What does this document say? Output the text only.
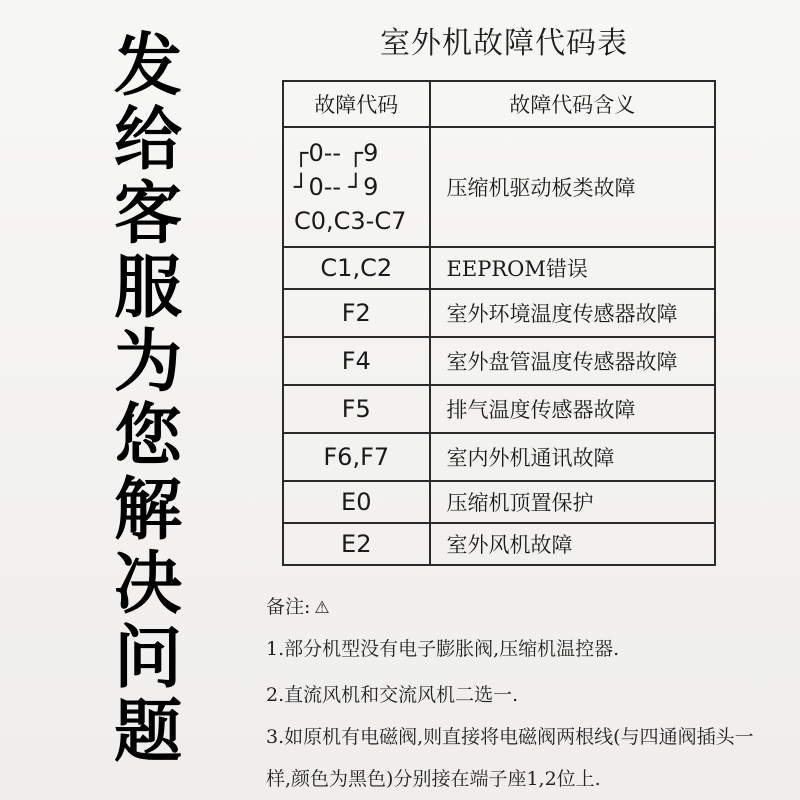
发
给
客
服
为
您
解
决
问
题
室外机故障代码表
故障代码	故障代码含义

┌0-- ┌9
┘0-- ┘9
C0,C3-C7	压缩机驱动板类故障
C1,C2	EEPROM错误
F2	室外环境温度传感器故障
F4	室外盘管温度传感器故障
F5	排气温度传感器故障
F6,F7	室内外机通讯故障
E0	压缩机顶置保护
E2	室外风机故障
备注: ⚠
1.部分机型没有电子膨胀阀,压缩机温控器.
2.直流风机和交流风机二选一.
3.如原机有电磁阀,则直接将电磁阀两根线(与四通阀插头一
样,颜色为黑色)分别接在端子座1,2位上.
